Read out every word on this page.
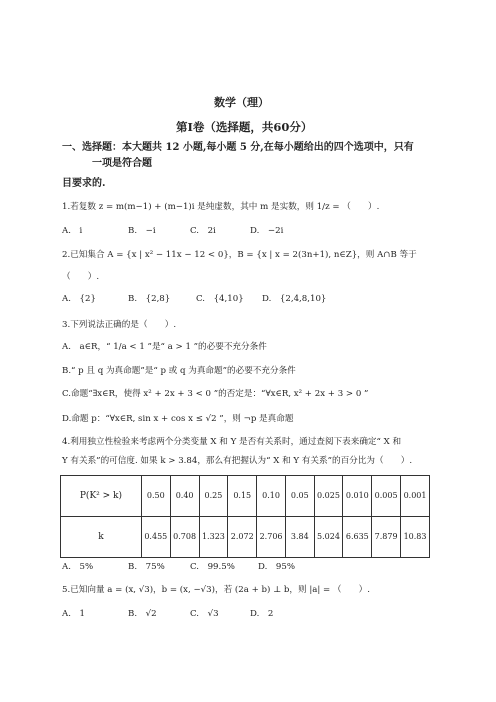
数学（理）
第Ⅰ卷（选择题，共60分）
一、选择题：本大题共 12 小题,每小题 5 分,在每小题给出的四个选项中，只有
一项是符合题
目要求的.
1.若复数 z = m(m−1) + (m−1)i 是纯虚数，其中 m 是实数，则 1/z = （　　）.
A.　i	B.　−i	C.　2i	D.　−2i
2.已知集合 A = {x | x² − 11x − 12 < 0}，B = {x | x = 2(3n+1), n∈Z}，则 A∩B 等于
（　　）.
A.　{2}	B.　{2,8}	C.　{4,10} D.　{2,4,8,10}
3.下列说法正确的是（　　）.
A.　a∈R，“ 1/a < 1 ”是“ a > 1 ”的必要不充分条件
B.“ p 且 q 为真命题”是“ p 或 q 为真命题”的必要不充分条件
C.命题“∃x∈R，使得 x² + 2x + 3 < 0 ”的否定是：“∀x∈R, x² + 2x + 3 > 0 ”
D.命题 p：“∀x∈R, sin x + cos x ≤ √2 ”，则 ¬p 是真命题
4.利用独立性检验来考虑两个分类变量 X 和 Y 是否有关系时，通过查阅下表来确定“ X 和
Y 有关系”的可信度. 如果 k > 3.84，那么有把握认为“ X 和 Y 有关系”的百分比为（　　）.
P(K² > k)	0.50	0.40	0.25	0.15	0.10	0.05	0.025	0.010	0.005	0.001
k	0.455	0.708	1.323	2.072	2.706	3.84	5.024	6.635	7.879	10.83
A.　5%	B.　75%	C.　99.5%	D.　95%
5.已知向量 a = (x, √3)，b = (x, −√3)，若 (2a + b) ⊥ b，则 |a| = （　　）.
A.　1	B.　√2	C.　√3	D.　2
